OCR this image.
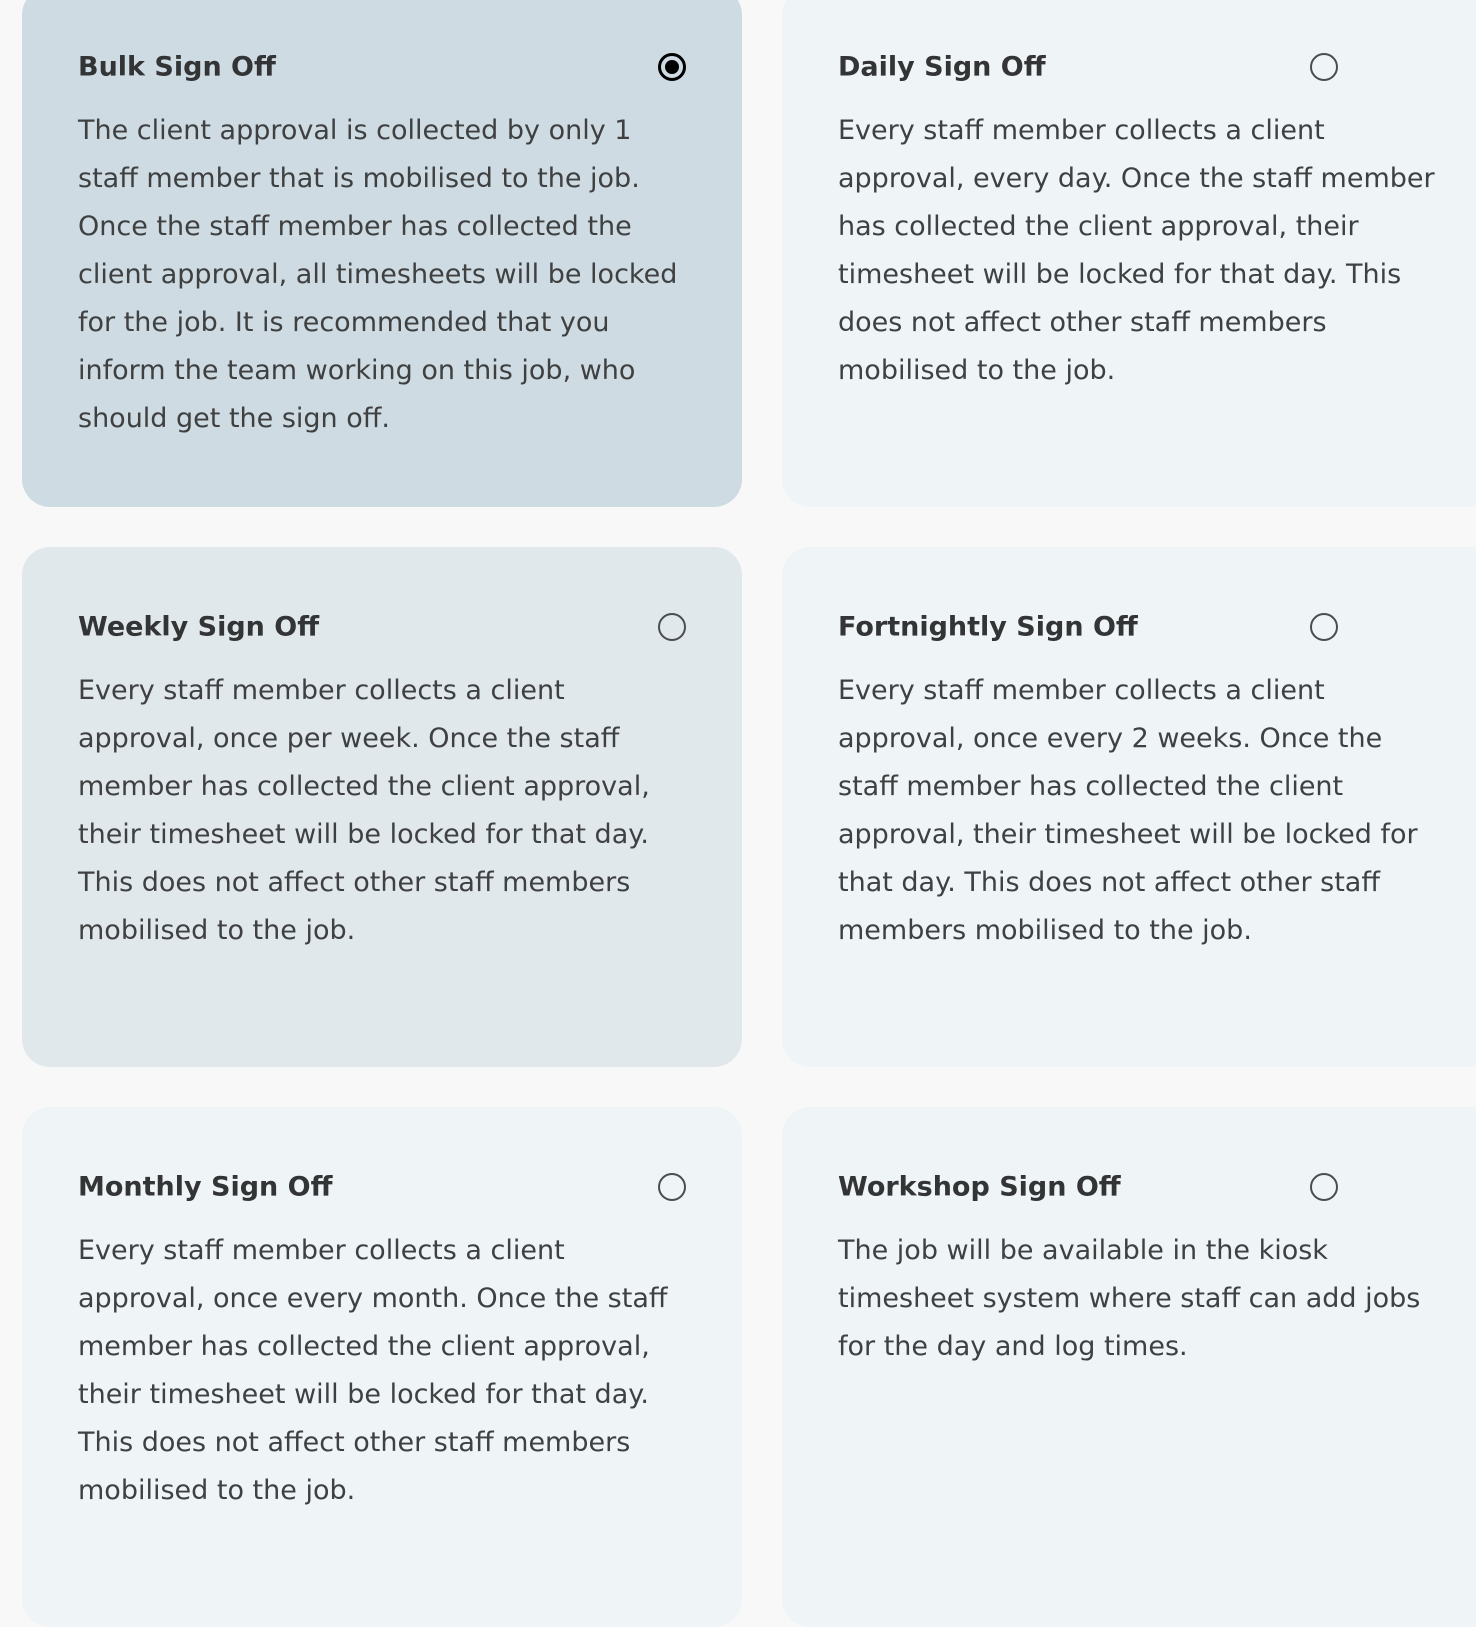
Bulk Sign Off

The client approval is collected by only 1 staff member that is mobilised to the job. Once the staff member has collected the client approval, all timesheets will be locked for the job. It is recommended that you inform the team working on this job, who should get the sign off.

Daily Sign Off

Every staff member collects a client approval, every day. Once the staff member has collected the client approval, their timesheet will be locked for that day. This does not affect other staff members mobilised to the job.

Weekly Sign Off

Every staff member collects a client approval, once per week. Once the staff member has collected the client approval, their timesheet will be locked for that day. This does not affect other staff members mobilised to the job.

Fortnightly Sign Off

Every staff member collects a client approval, once every 2 weeks. Once the staff member has collected the client approval, their timesheet will be locked for that day. This does not affect other staff members mobilised to the job.

Monthly Sign Off

Every staff member collects a client approval, once every month. Once the staff member has collected the client approval, their timesheet will be locked for that day. This does not affect other staff members mobilised to the job.

Workshop Sign Off

The job will be available in the kiosk timesheet system where staff can add jobs for the day and log times.
